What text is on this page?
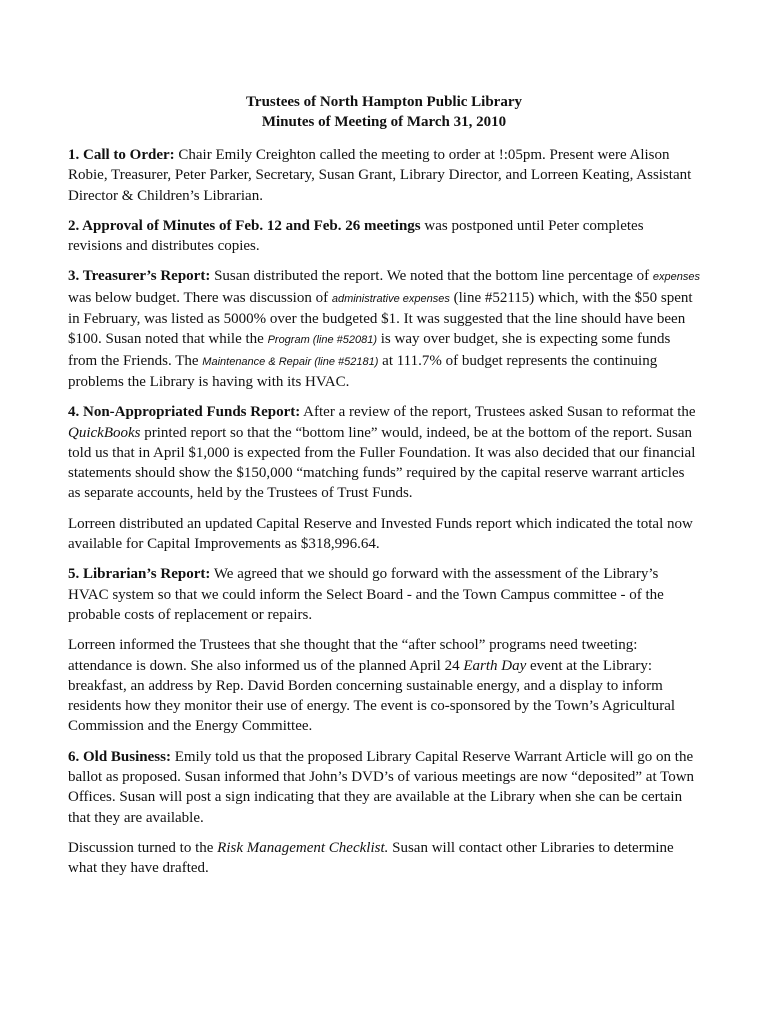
Trustees of North Hampton Public Library
Minutes of Meeting of March 31, 2010

1. Call to Order: Chair Emily Creighton called the meeting to order at !:05pm. Present were Alison Robie, Treasurer, Peter Parker, Secretary, Susan Grant, Library Director, and Lorreen Keating, Assistant Director & Children’s Librarian.

2. Approval of Minutes of Feb. 12 and Feb. 26 meetings was postponed until Peter completes revisions and distributes copies.

3. Treasurer’s Report: Susan distributed the report. We noted that the bottom line percentage of expenses was below budget. There was discussion of administrative expenses (line #52115) which, with the $50 spent in February, was listed as 5000% over the budgeted $1. It was suggested that the line should have been $100. Susan noted that while the Program (line #52081) is way over budget, she is expecting some funds from the Friends. The Maintenance & Repair (line #52181) at 111.7% of budget represents the continuing problems the Library is having with its HVAC.

4. Non-Appropriated Funds Report: After a review of the report, Trustees asked Susan to reformat the QuickBooks printed report so that the “bottom line” would, indeed, be at the bottom of the report. Susan told us that in April $1,000 is expected from the Fuller Foundation. It was also decided that our financial statements should show the $150,000 “matching funds” required by the capital reserve warrant articles as separate accounts, held by the Trustees of Trust Funds.

Lorreen distributed an updated Capital Reserve and Invested Funds report which indicated the total now available for Capital Improvements as $318,996.64.

5. Librarian’s Report: We agreed that we should go forward with the assessment of the Library’s HVAC system so that we could inform the Select Board - and the Town Campus committee - of the probable costs of replacement or repairs.

Lorreen informed the Trustees that she thought that the “after school” programs need tweeting: attendance is down. She also informed us of the planned April 24 Earth Day event at the Library: breakfast, an address by Rep. David Borden concerning sustainable energy, and a display to inform residents how they monitor their use of energy. The event is co-sponsored by the Town’s Agricultural Commission and the Energy Committee.

6. Old Business: Emily told us that the proposed Library Capital Reserve Warrant Article will go on the ballot as proposed. Susan informed that John’s DVD’s of various meetings are now “deposited” at Town Offices. Susan will post a sign indicating that they are available at the Library when she can be certain that they are available.

Discussion turned to the Risk Management Checklist. Susan will contact other Libraries to determine what they have drafted.
